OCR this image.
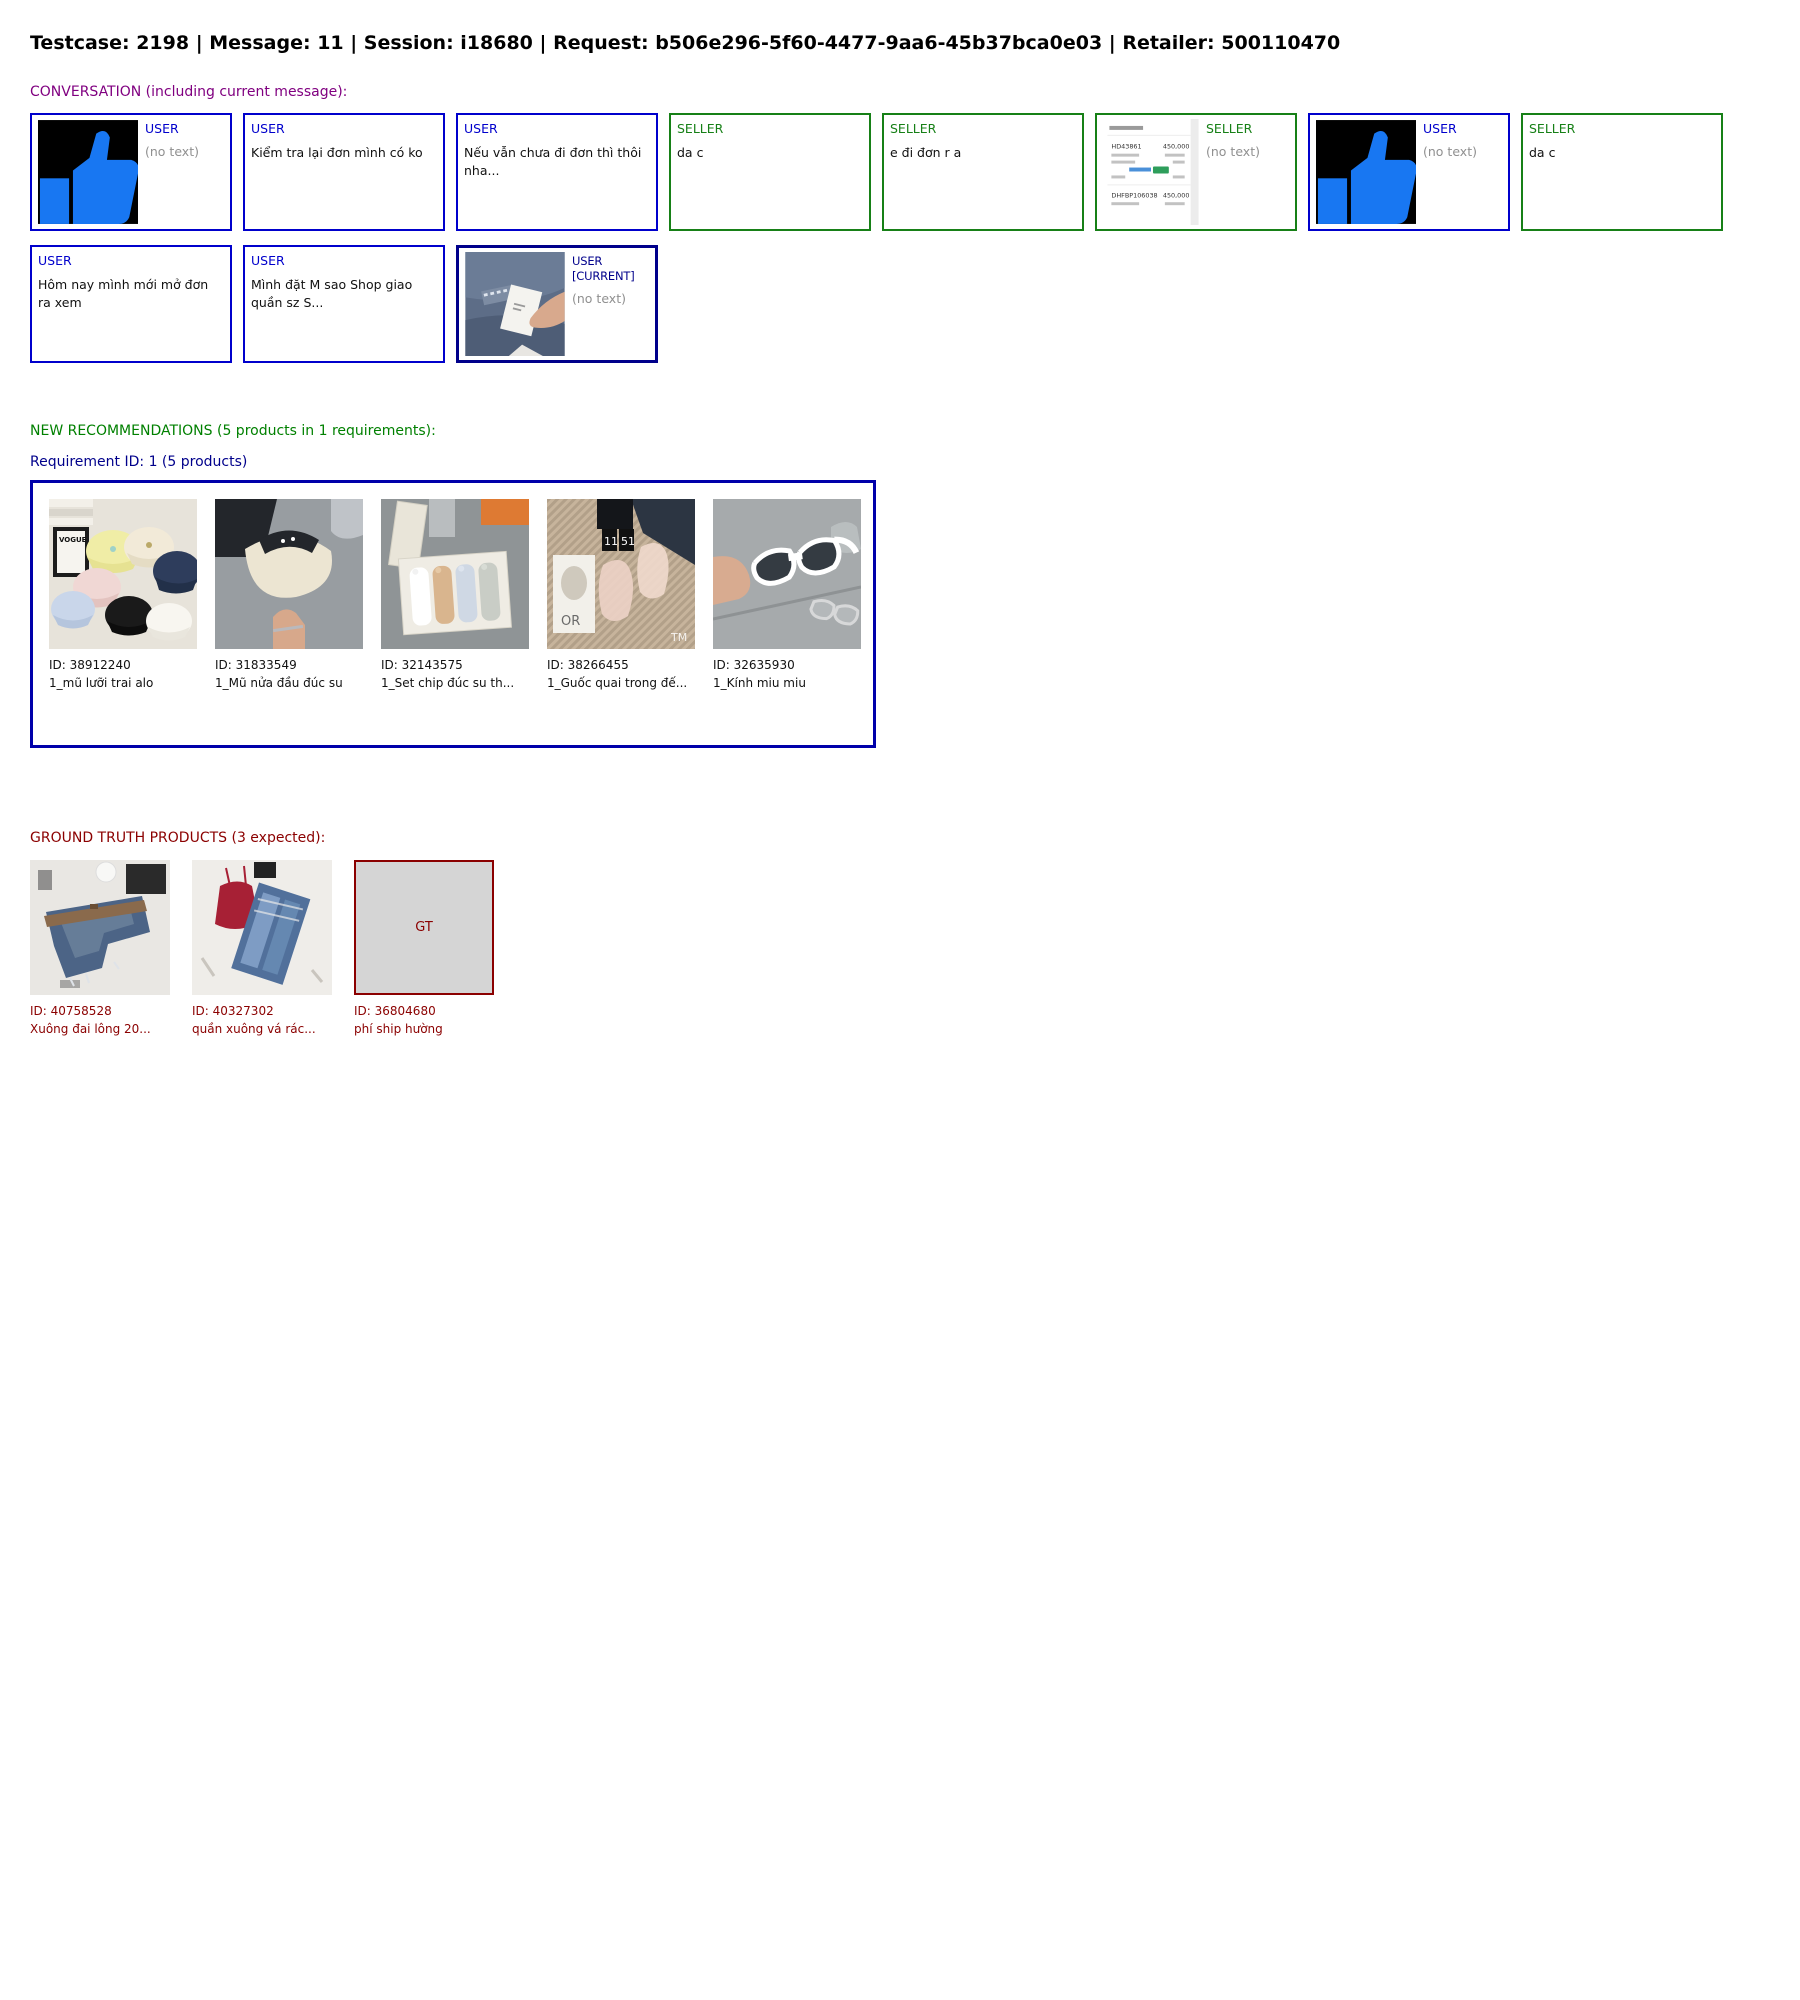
Testcase: 2198 | Message: 11 | Session: i18680 | Request: b506e296-5f60-4477-9aa6-45b37bca0e03 | Retailer: 500110470
CONVERSATION (including current message):
USER
(no text)
USER
Kiểm tra lại đơn mình có ko
USER
Nếu vẫn chưa đi đơn thì thôi nha...
SELLER
da c
SELLER
e đi đơn r a	HD43861	450,000
DHFBP106038 450,000
SELLER
(no text)
USER
(no text)
SELLER
da c
USER
Hôm nay mình mới mở đơn ra xem
USER
Mình đặt M sao Shop giao quần sz S...
USER [CURRENT]
(no text)
NEW RECOMMENDATIONS (5 products in 1 requirements):
Requirement ID: 1 (5 products)
VOGUE
ID: 38912240
1_mũ lưỡi trai alo
ID: 31833549
1_Mũ nửa đầu đúc su
ID: 32143575
1_Set chip đúc su th...
11 51
OR
TM
ID: 38266455
1_Guốc quai trong đế...
ID: 32635930
1_Kính miu miu
GROUND TRUTH PRODUCTS (3 expected):
ID: 40758528
Xuông đai lông 20...
ID: 40327302
quần xuông vá rác...
GT
ID: 36804680
phí ship hường
